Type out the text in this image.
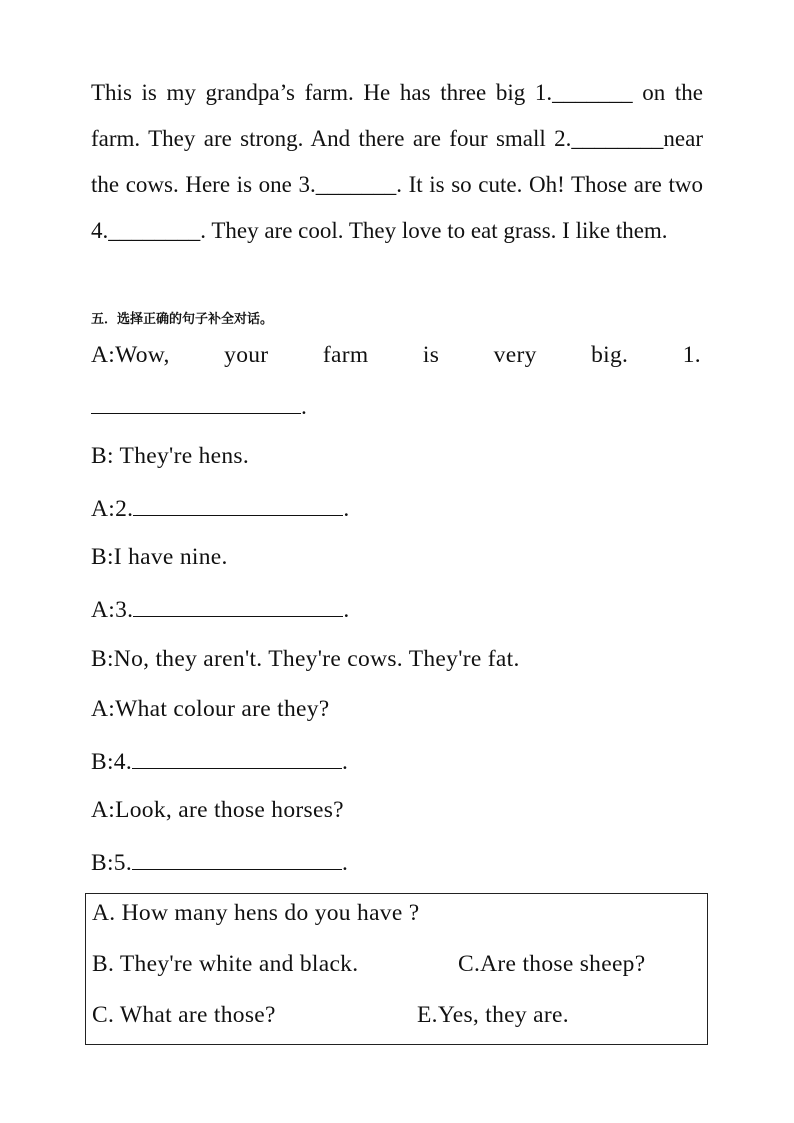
This is my grandpa’s farm. He has three big 1._______ on the farm. They are strong. And there are four small 2.________near the cows. Here is one 3._______. It is so cute. Oh! Those are two 4.________. They are cool. They love to eat grass. I like them.

五．选择正确的句子补全对话。

A:Wow, your farm is very big. 1.
.
B: They're hens.
A:2.	.
B:I have nine.
A:3.	.
B:No, they aren't. They're cows. They're fat.
A:What colour are they?
B:4.	.
A:Look, are those horses?
B:5.	.

A. How many hens do you have ?

B. They're white and black.	C.Are those sheep?

C. What are those?	E.Yes, they are.
